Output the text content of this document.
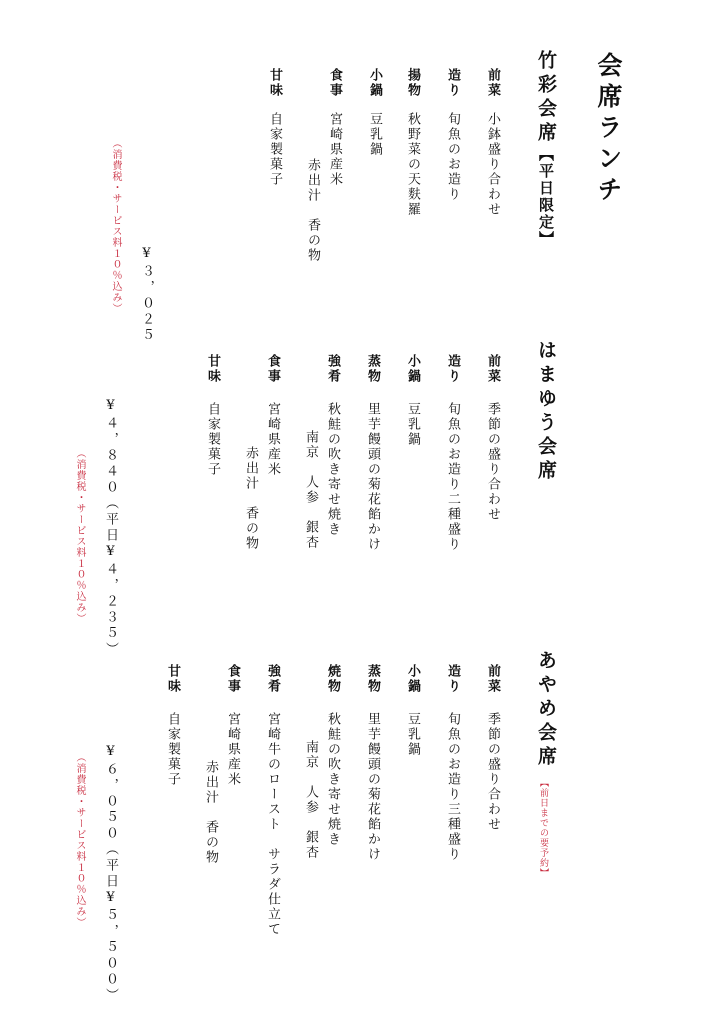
会席ランチ
竹彩会席【平日限定】
前菜
小鉢盛り合わせ
造り
旬魚のお造り
揚物
秋野菜の天麩羅
小鍋
豆乳鍋
食事
宮崎県産米
赤出汁　香の物
甘味
自家製菓子
¥３，０２５
（消費税・サービス料１０％込み）
はまゆう会席
前菜
季節の盛り合わせ
造り
旬魚のお造り二種盛り
小鍋
豆乳鍋
蒸物
里芋饅頭の菊花餡かけ
強肴
秋鮭の吹き寄せ焼き
南京　人参　銀杏
食事
宮崎県産米
赤出汁　香の物
甘味
自家製菓子
¥４，８４０（平日¥４，２３５）
（消費税・サービス料１０％込み）
あやめ会席
【前日までの要予約】
前菜
季節の盛り合わせ
造り
旬魚のお造り三種盛り
小鍋
豆乳鍋
蒸物
里芋饅頭の菊花餡かけ
焼物
秋鮭の吹き寄せ焼き
南京　人参　銀杏
強肴
宮崎牛のロースト　サラダ仕立て
食事
宮崎県産米
赤出汁　香の物
甘味
自家製菓子
¥６，０５０（平日¥５，５００）
（消費税・サービス料１０％込み）
